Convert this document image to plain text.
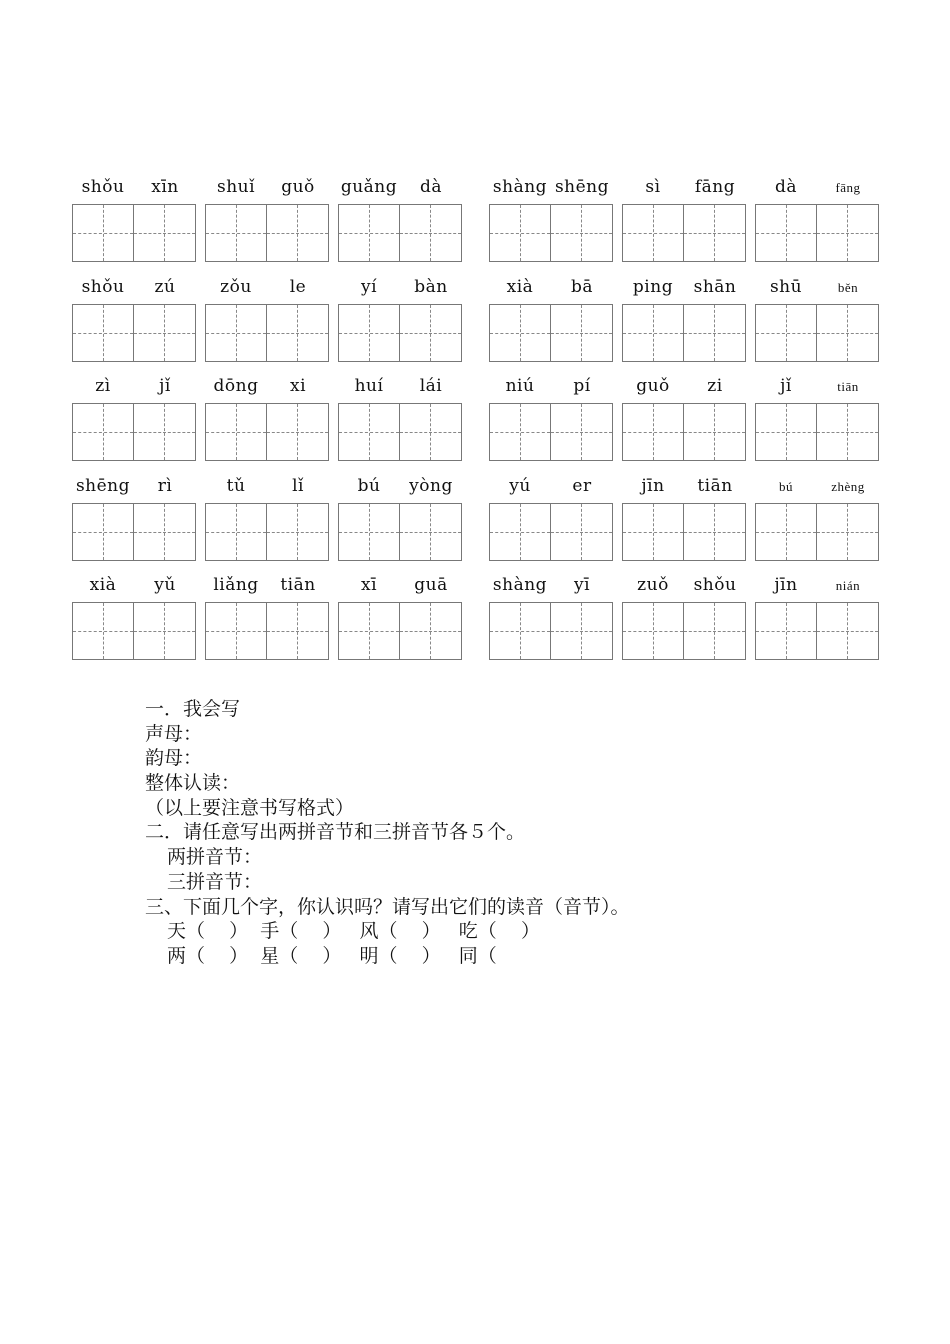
shǒu	xīn	shuǐ	guǒ	guǎng	dà	shàng shēng	sì	fāng	dà	fāng
shǒu	zú	zǒu	le	yí	bàn	xià	bā	ping	shān	shū	běn
zì	jǐ	dōng	xi	huí	lái	niú	pí	guǒ	zi	jǐ	tiān
shēng	rì	tǔ	lǐ	bú	yòng	yú	er	jīn	tiān	bú	zhèng
xià	yǔ	liǎng	tiān	xī	guā	shàng	yī	zuǒ	shǒu	jīn	nián
一．我会写
声母：
韵母：
整体认读：
（以上要注意书写格式）
二．请任意写出两拼音节和三拼音节各５个。
两拼音节：
三拼音节：
三、下面几个字，你认识吗？请写出它们的读音（音节）。
天（    ）  手（    ）   风（    ）   吃（    ）
两（    ）  星（    ）   明（    ）   同（
